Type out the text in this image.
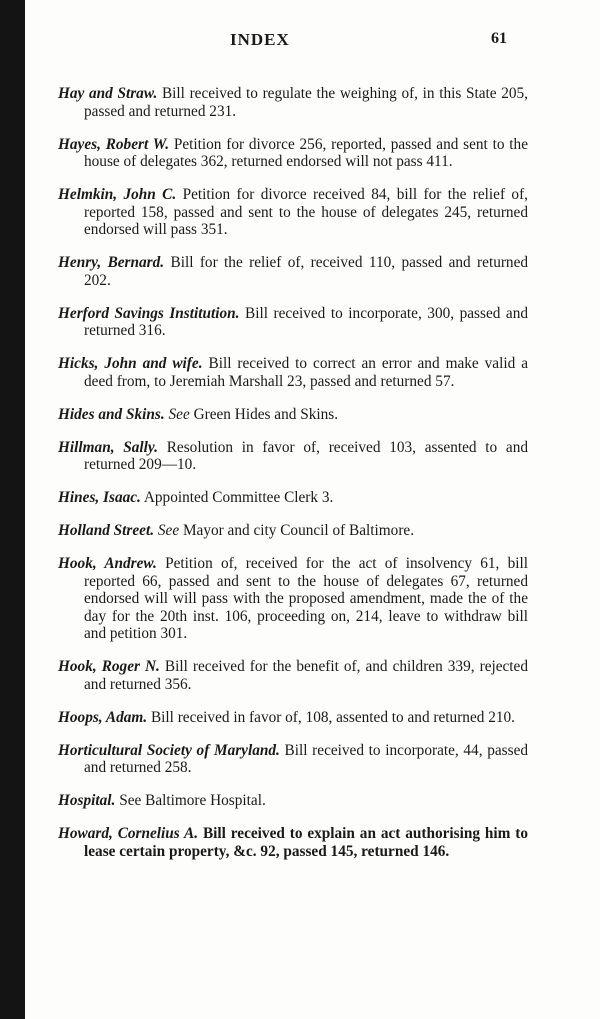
INDEX	61

Hay and Straw. Bill received to regulate the weighing of, in this State 205, passed and returned 231.

Hayes, Robert W. Petition for divorce 256, reported, passed and sent to the house of delegates 362, returned endorsed will not pass 411.

Helmkin, John C. Petition for divorce received 84, bill for the relief of, reported 158, passed and sent to the house of delegates 245, returned endorsed will pass 351.

Henry, Bernard. Bill for the relief of, received 110, passed and returned 202.

Herford Savings Institution. Bill received to incorporate, 300, passed and returned 316.

Hicks, John and wife. Bill received to correct an error and make valid a deed from, to Jeremiah Marshall 23, passed and returned 57.

Hides and Skins. See Green Hides and Skins.

Hillman, Sally. Resolution in favor of, received 103, assented to and returned 209—10.

Hines, Isaac. Appointed Committee Clerk 3.

Holland Street. See Mayor and city Council of Baltimore.

Hook, Andrew. Petition of, received for the act of insolvency 61, bill reported 66, passed and sent to the house of delegates 67, returned endorsed will will pass with the proposed amendment, made the of the day for the 20th inst. 106, proceeding on, 214, leave to withdraw bill and petition 301.

Hook, Roger N. Bill received for the benefit of, and children 339, rejected and returned 356.

Hoops, Adam. Bill received in favor of, 108, assented to and returned 210.

Horticultural Society of Maryland. Bill received to incorporate, 44, passed and returned 258.

Hospital. See Baltimore Hospital.

Howard, Cornelius A. Bill received to explain an act authorising him to lease certain property, &c. 92, passed 145, returned 146.
